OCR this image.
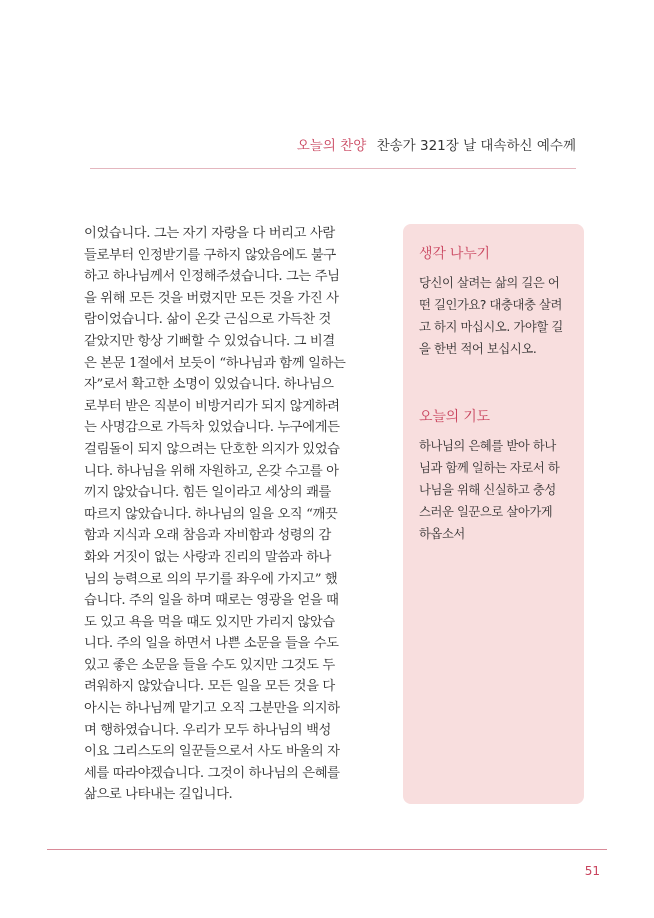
오늘의 찬양 찬송가 321장 날 대속하신 예수께
이었습니다. 그는 자기 자랑을 다 버리고 사람
들로부터 인정받기를 구하지 않았음에도 불구
하고 하나님께서 인정해주셨습니다. 그는 주님
을 위해 모든 것을 버렸지만 모든 것을 가진 사
람이었습니다. 삶이 온갖 근심으로 가득찬 것
같았지만 항상 기뻐할 수 있었습니다. 그 비결
은 본문 1절에서 보듯이 “하나님과 함께 일하는
자”로서 확고한 소명이 있었습니다. 하나님으
로부터 받은 직분이 비방거리가 되지 않게하려
는 사명감으로 가득차 있었습니다. 누구에게든
걸림돌이 되지 않으려는 단호한 의지가 있었습
니다. 하나님을 위해 자원하고, 온갖 수고를 아
끼지 않았습니다. 힘든 일이라고 세상의 쾌를
따르지 않았습니다. 하나님의 일을 오직 “깨끗
함과 지식과 오래 참음과 자비함과 성령의 감
화와 거짓이 없는 사랑과 진리의 말씀과 하나
님의 능력으로 의의 무기를 좌우에 가지고” 했
습니다. 주의 일을 하며 때로는 영광을 얻을 때
도 있고 욕을 먹을 때도 있지만 가리지 않았습
니다. 주의 일을 하면서 나쁜 소문을 들을 수도
있고 좋은 소문을 들을 수도 있지만 그것도 두
려워하지 않았습니다. 모든 일을 모든 것을 다
아시는 하나님께 맡기고 오직 그분만을 의지하
며 행하였습니다. 우리가 모두 하나님의 백성
이요 그리스도의 일꾼들으로서 사도 바울의 자
세를 따라야겠습니다. 그것이 하나님의 은혜를
삶으로 나타내는 길입니다.
생각 나누기
당신이 살려는 삶의 길은 어
떤 길인가요? 대충대충 살려
고 하지 마십시오. 가야할 길
을 한번 적어 보십시오.
오늘의 기도
하나님의 은혜를 받아 하나
님과 함께 일하는 자로서 하
나님을 위해 신실하고 충성
스러운 일꾼으로 살아가게
하옵소서
51
